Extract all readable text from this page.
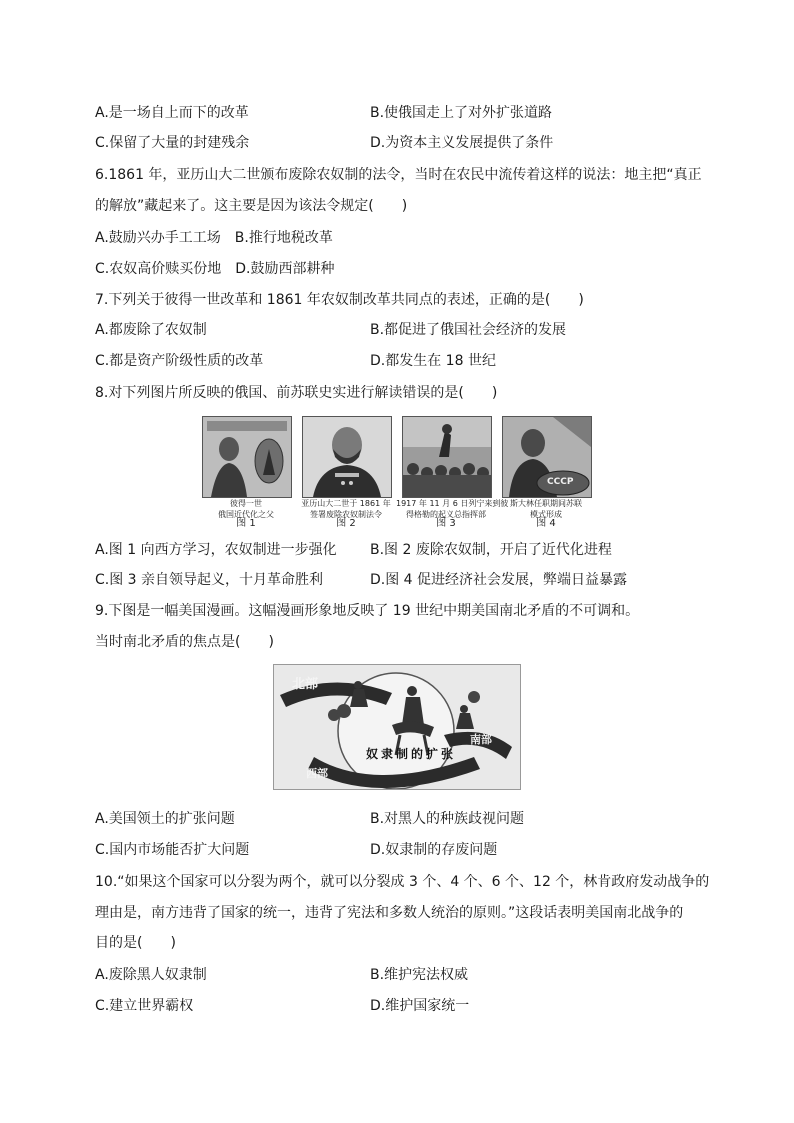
A.是一场自上而下的改革	B.使俄国走上了对外扩张道路
C.保留了大量的封建残余	D.为资本主义发展提供了条件
6.1861 年，亚历山大二世颁布废除农奴制的法令，当时在农民中流传着这样的说法：地主把“真正
的解放”藏起来了。这主要是因为该法令规定(　　)
A.鼓励兴办手工工场　B.推行地税改革
C.农奴高价赎买份地　D.鼓励西部耕种
7.下列关于彼得一世改革和 1861 年农奴制改革共同点的表述，正确的是(　　)
A.都废除了农奴制	B.都促进了俄国社会经济的发展
C.都是资产阶级性质的改革	D.都发生在 18 世纪
8.对下列图片所反映的俄国、前苏联史实进行解读错误的是(　　)
彼得一世
俄国近代化之父
图 1
亚历山大二世于 1861 年
签署废除农奴制法令
图 2
1917 年 11 月 6 日列宁来到彼
得格勒的起义总指挥部
图 3
CCCP
斯大林任职期间苏联
模式形成
图 4
A.图 1 向西方学习，农奴制进一步强化 B.图 2 废除农奴制，开启了近代化进程
C.图 3 亲自领导起义，十月革命胜利	D.图 4 促进经济社会发展，弊端日益暴露
9.下图是一幅美国漫画。这幅漫画形象地反映了 19 世纪中期美国南北矛盾的不可调和。
当时南北矛盾的焦点是(　　)
北部
南部
西部
奴隶制的扩张
A.美国领土的扩张问题	B.对黑人的种族歧视问题
C.国内市场能否扩大问题	D.奴隶制的存废问题
10.“如果这个国家可以分裂为两个，就可以分裂成 3 个、4 个、6 个、12 个，林肯政府发动战争的
理由是，南方违背了国家的统一，违背了宪法和多数人统治的原则。”这段话表明美国南北战争的
目的是(　　)
A.废除黑人奴隶制	B.维护宪法权威
C.建立世界霸权	D.维护国家统一
